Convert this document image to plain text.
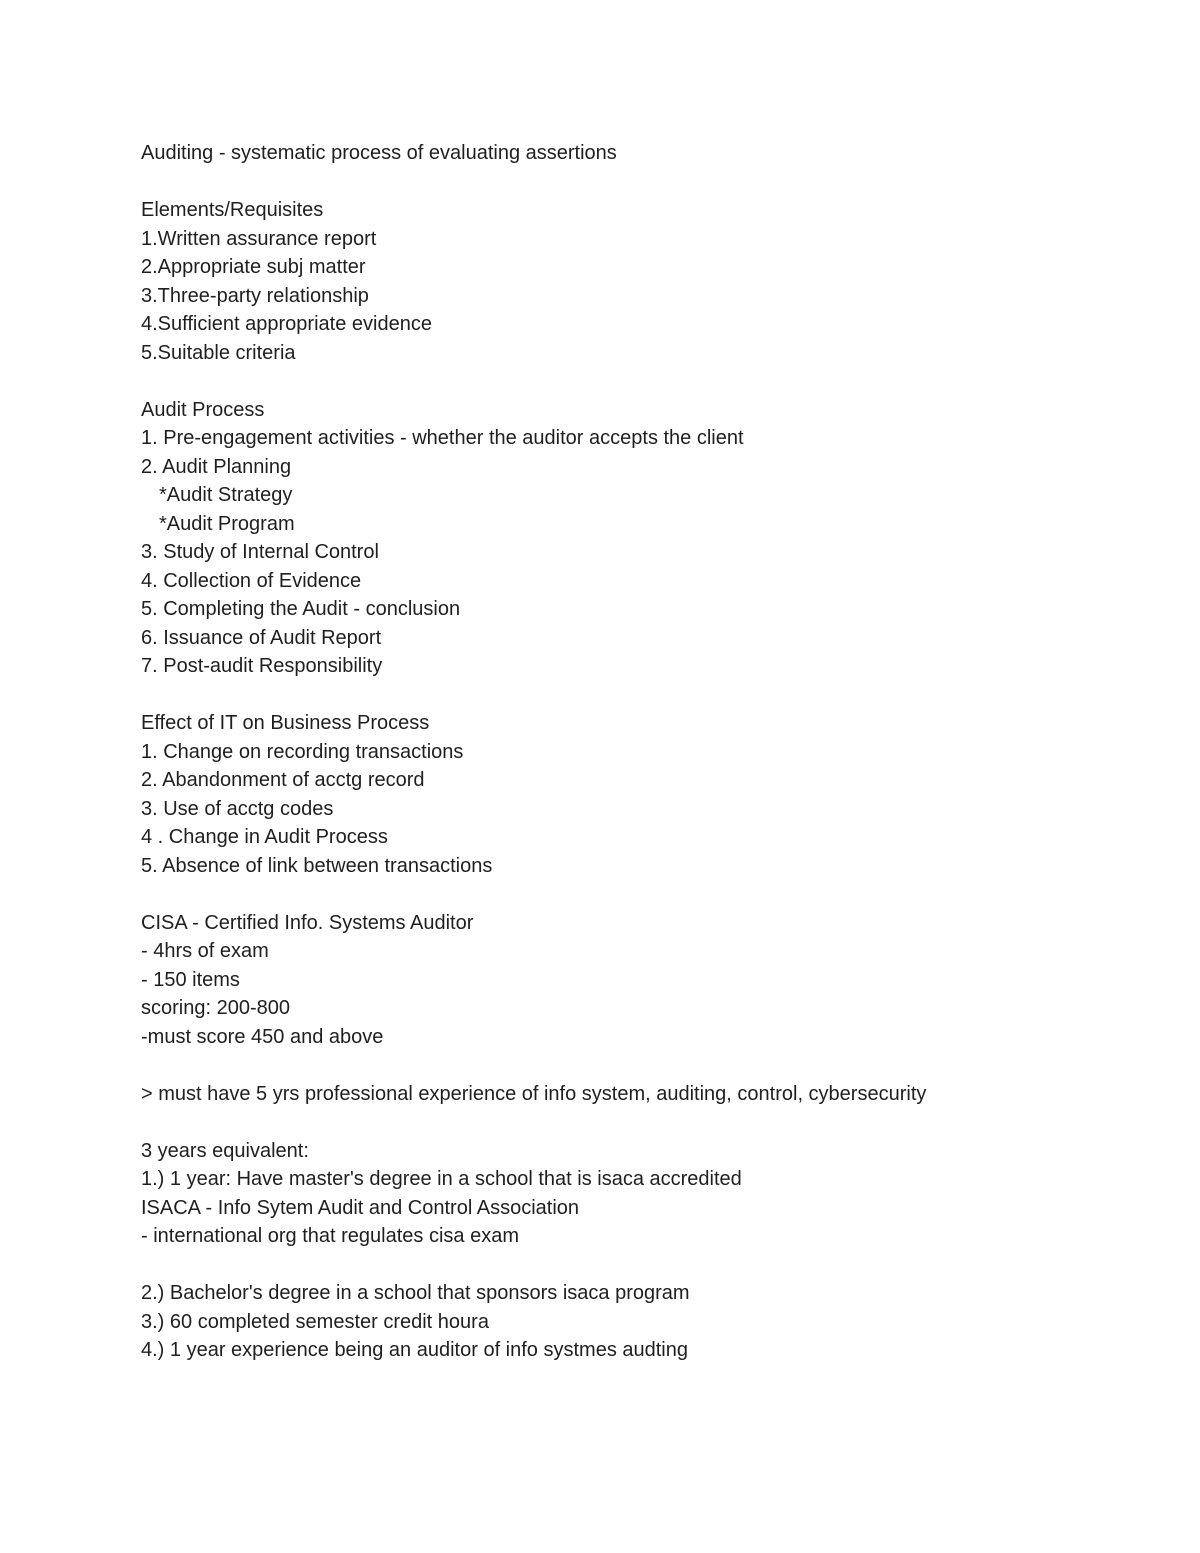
Auditing - systematic process of evaluating assertions

Elements/Requisites

1.Written assurance report

2.Appropriate subj matter

3.Three-party relationship

4.Sufficient appropriate evidence

5.Suitable criteria

Audit Process

1. Pre-engagement activities - whether the auditor accepts the client

2. Audit Planning

*Audit Strategy

*Audit Program

3. Study of Internal Control

4. Collection of Evidence

5. Completing the Audit - conclusion

6. Issuance of Audit Report

7. Post-audit Responsibility

Effect of IT on Business Process

1. Change on recording transactions

2. Abandonment of acctg record

3. Use of acctg codes

4 . Change in Audit Process

5. Absence of link between transactions

CISA - Certified Info. Systems Auditor

- 4hrs of exam

- 150 items

scoring: 200-800

-must score 450 and above

> must have 5 yrs professional experience of info system, auditing, control, cybersecurity

3 years equivalent:

1.) 1 year: Have master's degree in a school that is isaca accredited

ISACA - Info Sytem Audit and Control Association

- international org that regulates cisa exam

2.) Bachelor's degree in a school that sponsors isaca program

3.) 60 completed semester credit houra

4.) 1 year experience being an auditor of info systmes audting
